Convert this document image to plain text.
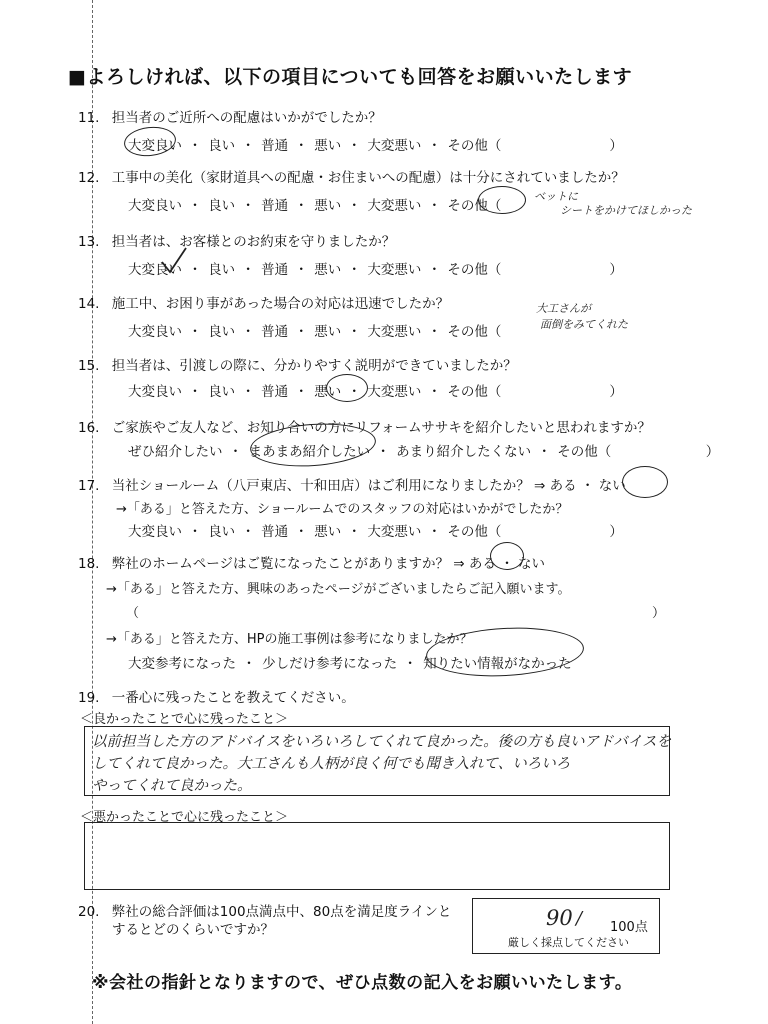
■よろしければ、以下の項目についても回答をお願いいたします
11. 担当者のご近所への配慮はいかがでしたか？
大変良い ・ 良い ・ 普通 ・ 悪い ・ 大変悪い ・ その他（　　　　　　　　）
12. 工事中の美化（家財道具への配慮・お住まいへの配慮）は十分にされていましたか？
大変良い ・ 良い ・ 普通 ・ 悪い ・ 大変悪い ・ その他（
ベットに
シートをかけてほしかった
13. 担当者は、お客様とのお約束を守りましたか？
大変良い ・ 良い ・ 普通 ・ 悪い ・ 大変悪い ・ その他（　　　　　　　　）
14. 施工中、お困り事があった場合の対応は迅速でしたか？
大変良い ・ 良い ・ 普通 ・ 悪い ・ 大変悪い ・ その他（
大工さんが
面倒をみてくれた
15. 担当者は、引渡しの際に、分かりやすく説明ができていましたか？
大変良い ・ 良い ・ 普通 ・ 悪い ・ 大変悪い ・ その他（　　　　　　　　）
16. ご家族やご友人など、お知り合いの方にリフォームササキを紹介したいと思われますか？
ぜひ紹介したい ・ まあまあ紹介したい ・ あまり紹介したくない ・ その他（　　　　　　　）
17. 当社ショールーム（八戸東店、十和田店）はご利用になりましたか？ ⇒ ある ・ ない
→「ある」と答えた方、ショールームでのスタッフの対応はいかがでしたか？
大変良い ・ 良い ・ 普通 ・ 悪い ・ 大変悪い ・ その他（　　　　　　　　）
18. 弊社のホームページはご覧になったことがありますか？ ⇒ ある ・ ない
→「ある」と答えた方、興味のあったページがございましたらご記入願います。
（	）
→「ある」と答えた方、HPの施工事例は参考になりましたか？
大変参考になった ・ 少しだけ参考になった ・ 知りたい情報がなかった
19. 一番心に残ったことを教えてください。
＜良かったことで心に残ったこと＞
以前担当した方のアドバイスをいろいろしてくれて良かった。後の方も良いアドバイスを
してくれて良かった。大工さんも人柄が良く何でも聞き入れて、いろいろ
やってくれて良かった。
＜悪かったことで心に残ったこと＞
20. 弊社の総合評価は100点満点中、80点を満足度ラインと
するとどのくらいですか？	90 / 100点
厳しく採点してください
※会社の指針となりますので、ぜひ点数の記入をお願いいたします。
